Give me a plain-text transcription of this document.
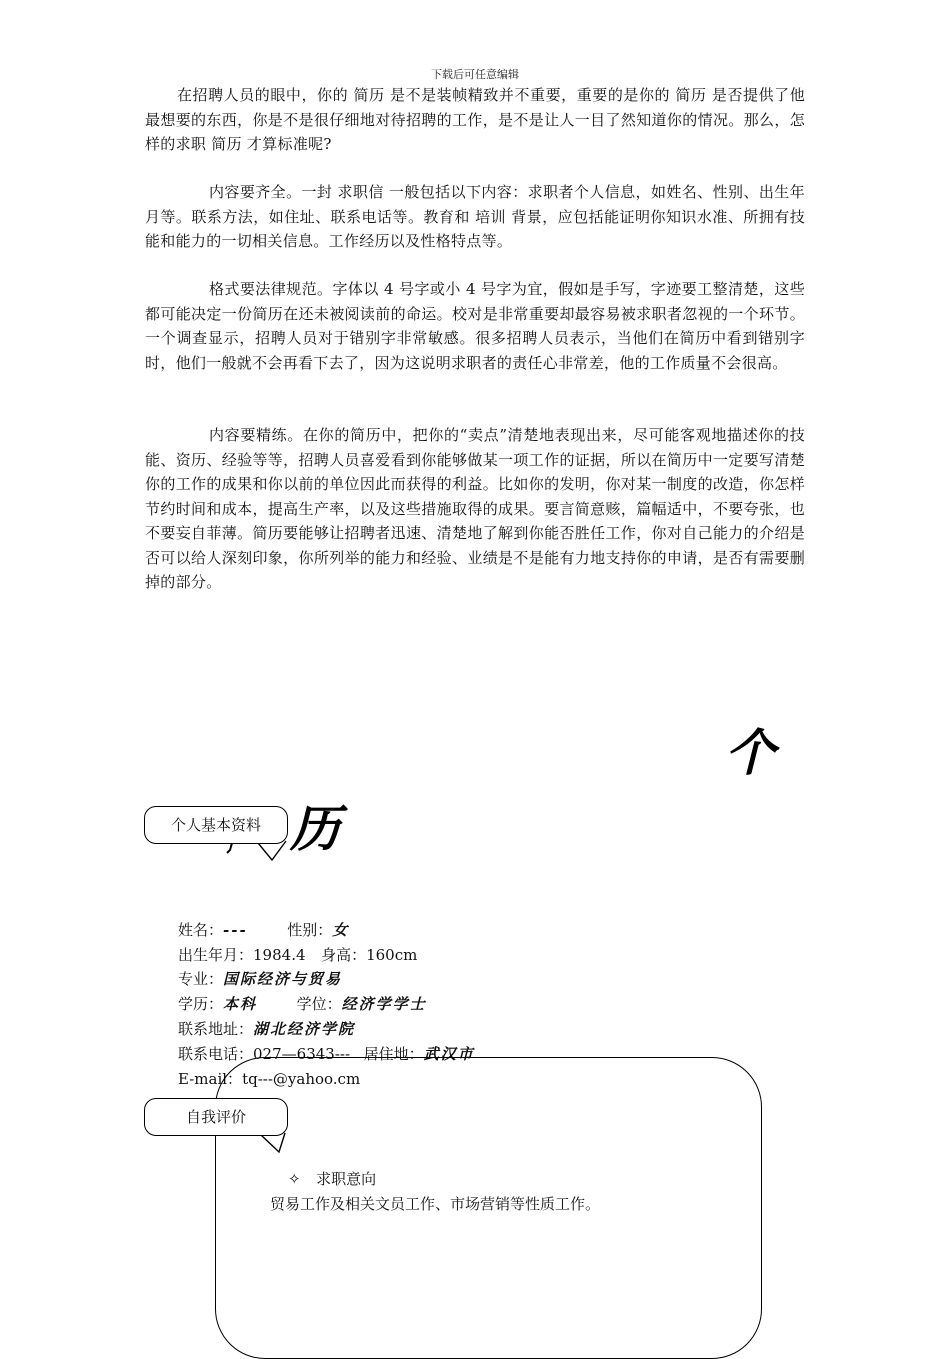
下载后可任意编辑

在招聘人员的眼中，你的 简历 是不是装帧精致并不重要，重要的是你的 简历 是否提供了他最想要的东西，你是不是很仔细地对待招聘的工作，是不是让人一目了然知道你的情况。那么，怎样的求职 简历 才算标准呢?

内容要齐全。一封 求职信 一般包括以下内容：求职者个人信息，如姓名、性别、出生年月等。联系方法，如住址、联系电话等。教育和 培训 背景，应包括能证明你知识水准、所拥有技能和能力的一切相关信息。工作经历以及性格特点等。

格式要法律规范。字体以 4 号字或小 4 号字为宜，假如是手写，字迹要工整清楚，这些都可能决定一份简历在还未被阅读前的命运。校对是非常重要却最容易被求职者忽视的一个环节。一个调查显示，招聘人员对于错别字非常敏感。很多招聘人员表示，当他们在简历中看到错别字时，他们一般就不会再看下去了，因为这说明求职者的责任心非常差，他的工作质量不会很高。

内容要精练。在你的简历中，把你的“卖点”清楚地表现出来，尽可能客观地描述你的技能、资历、经验等等，招聘人员喜爱看到你能够做某一项工作的证据，所以在简历中一定要写清楚你的工作的成果和你以前的单位因此而获得的利益。比如你的发明，你对某一制度的改造，你怎样节约时间和成本，提高生产率，以及这些措施取得的成果。要言简意赅，篇幅适中，不要夸张，也不要妄自菲薄。简历要能够让招聘者迅速、清楚地了解到你能否胜任工作，你对自己能力的介绍是否可以给人深刻印象，你所列举的能力和经验、业绩是不是能有力地支持你的申请，是否有需要删掉的部分。

个
历
个人基本资料
姓名：---	性别：女
出生年月：1984.4 身高：160cm
专业：国际经济与贸易
学历：本科	学位：经济学学士
联系地址：湖北经济学院
联系电话：027—6343--- 居住地：武汉市
E-mail：tq---@yahoo.cm
自我评价
✧ 求职意向
贸易工作及相关文员工作、市场营销等性质工作。
